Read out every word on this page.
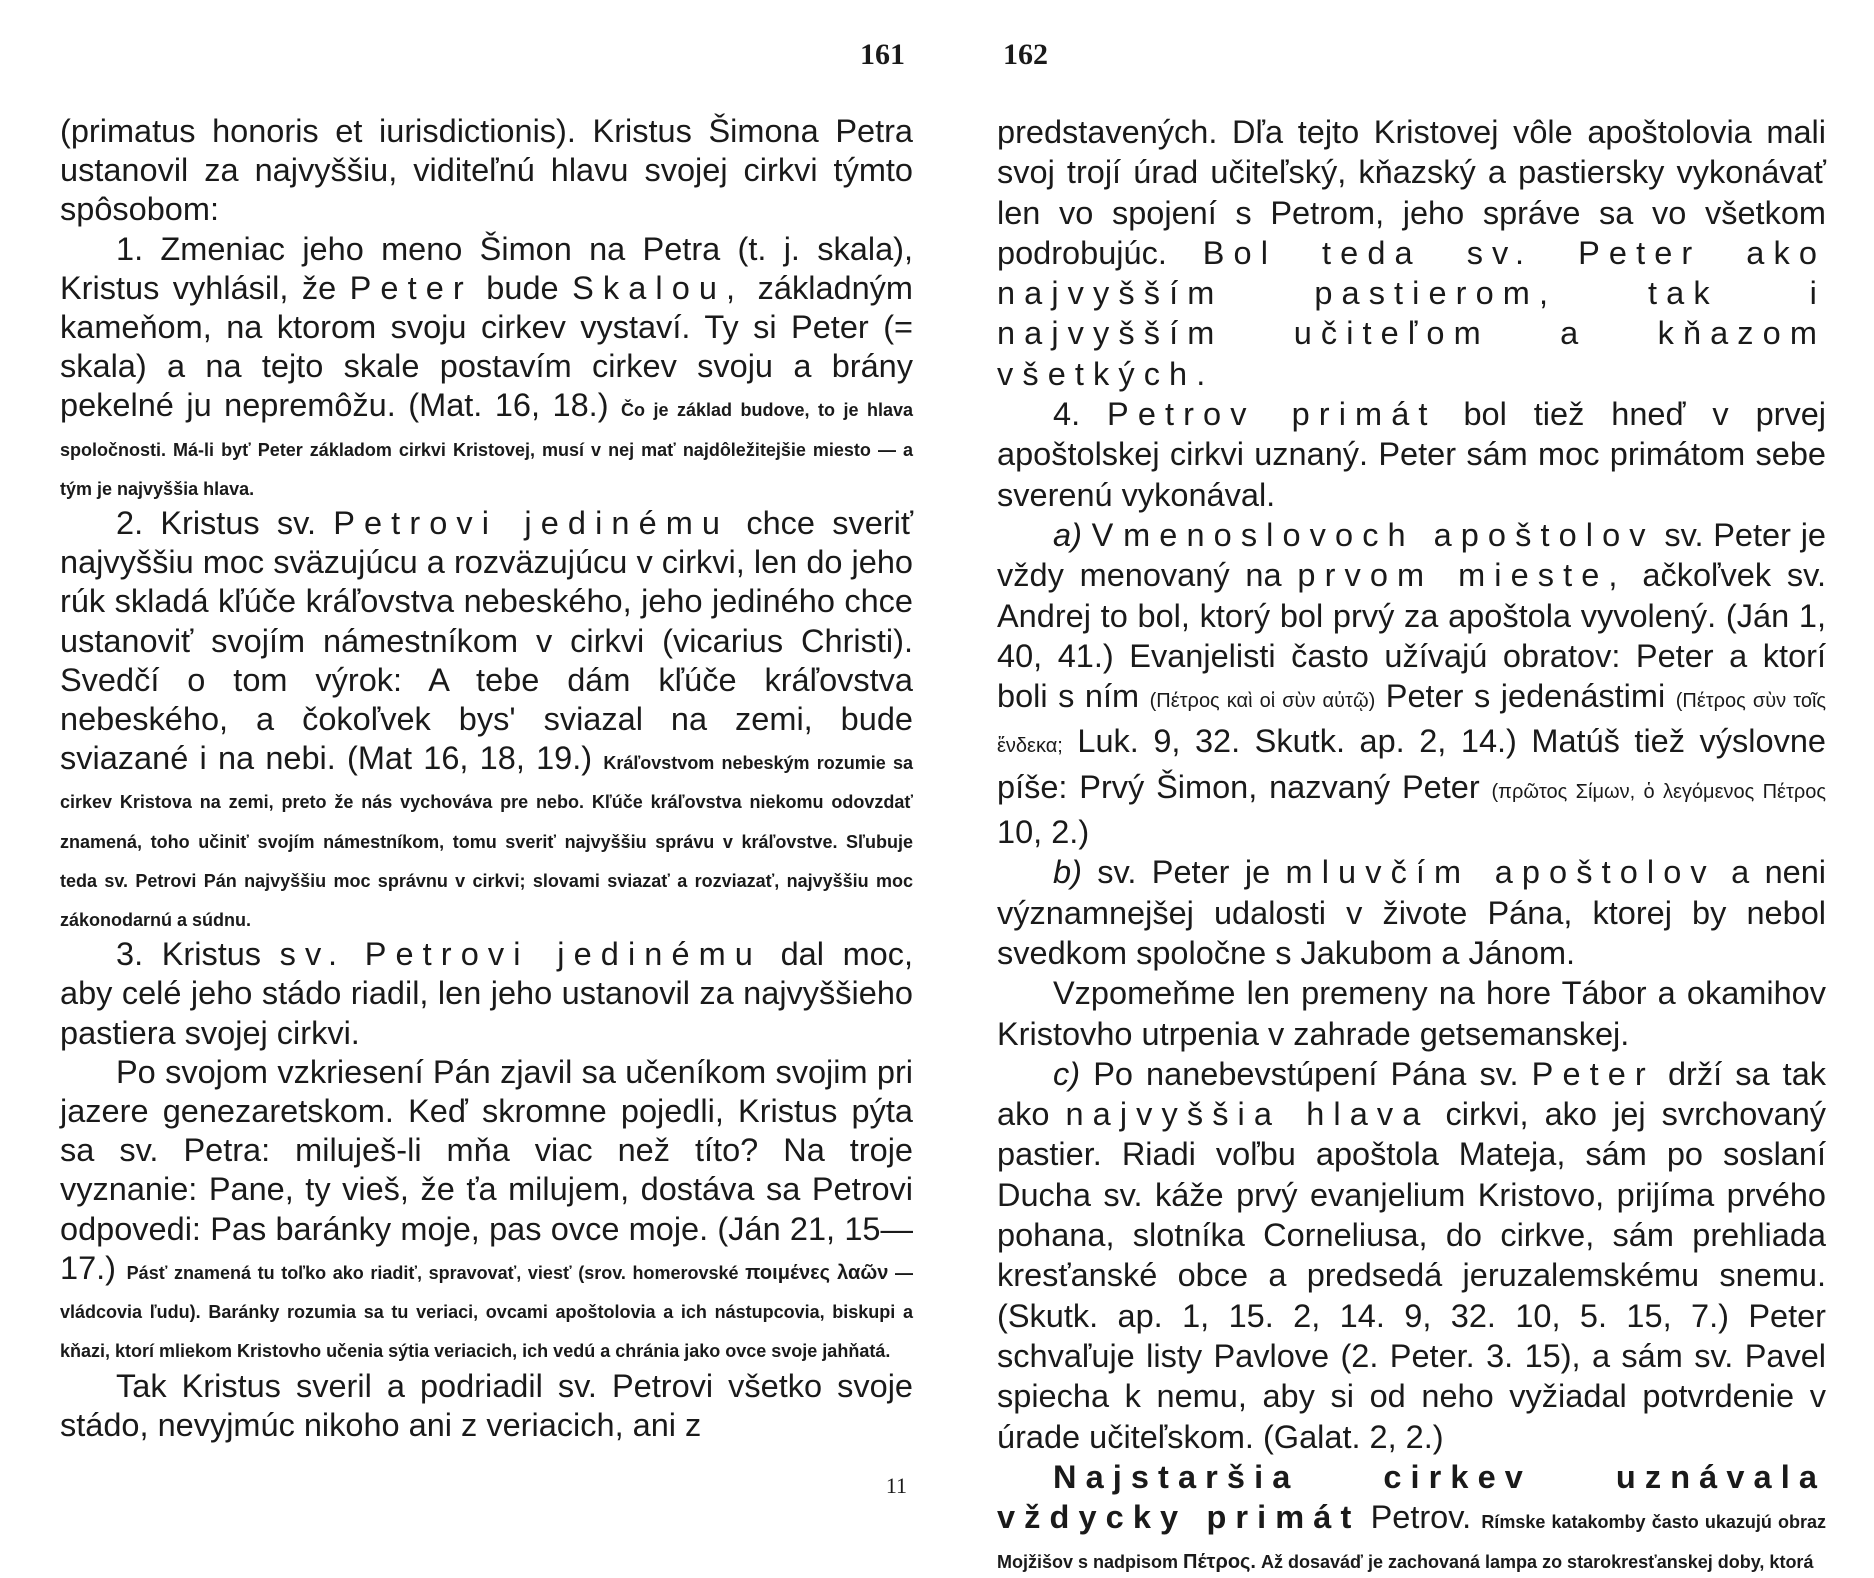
161

(primatus honoris et iurisdictionis). Kristus Šimona Petra ustanovil za najvyššiu, viditeľnú hlavu svojej cirkvi týmto spôsobom:

1. Zmeniac jeho meno Šimon na Petra (t. j. skala), Kristus vyhlásil, že Peter bude Skalou, základným kameňom, na ktorom svoju cirkev vystaví. Ty si Peter (= skala) a na tejto skale postavím cirkev svoju a brány pekelné ju nepremôžu. (Mat. 16, 18.) Čo je základ budove, to je hlava spoločnosti. Má-li byť Peter základom cirkvi Kristovej, musí v nej mať najdôležitejšie miesto — a tým je najvyššia hlava.

2. Kristus sv. Petrovi jedinému chce sveriť najvyššiu moc sväzujúcu a rozväzujúcu v cirkvi, len do jeho rúk skladá kľúče kráľovstva nebeského, jeho jediného chce ustanoviť svojím námestníkom v cirkvi (vicarius Christi). Svedčí o tom výrok: A tebe dám kľúče kráľovstva nebeského, a čokoľvek bys' sviazal na zemi, bude sviazané i na nebi. (Mat 16, 18, 19.) Kráľovstvom nebeským rozumie sa cirkev Kristova na zemi, preto že nás vychováva pre nebo. Kľúče kráľovstva niekomu odovzdať znamená, toho učiniť svojím námestníkom, tomu sveriť najvyššiu správu v kráľovstve. Sľubuje teda sv. Petrovi Pán najvyššiu moc správnu v cirkvi; slovami sviazať a rozviazať, najvyššiu moc zákonodarnú a súdnu.

3. Kristus sv. Petrovi jedinému dal moc, aby celé jeho stádo riadil, len jeho ustanovil za najvyššieho pastiera svojej cirkvi.

Po svojom vzkriesení Pán zjavil sa učeníkom svojim pri jazere genezaretskom. Keď skromne pojedli, Kristus pýta sa sv. Petra: miluješ-li mňa viac než títo? Na troje vyznanie: Pane, ty vieš, že ťa milujem, dostáva sa Petrovi odpovedi: Pas baránky moje, pas ovce moje. (Ján 21, 15—17.) Pásť znamená tu toľko ako riadiť, spravovať, viesť (srov. homerovské ποιμένες λαῶν — vládcovia ľudu). Baránky rozumia sa tu veriaci, ovcami apoštolovia a ich nástupcovia, biskupi a kňazi, ktorí mliekom Kristovho učenia sýtia veriacich, ich vedú a chránia jako ovce svoje jahňatá.

Tak Kristus sveril a podriadil sv. Petrovi všetko svoje stádo, nevyjmúc nikoho ani z veriacich, ani z

11
162

predstavených. Dľa tejto Kristovej vôle apoštolovia mali svoj trojí úrad učiteľský, kňazský a pastiersky vykonávať len vo spojení s Petrom, jeho správe sa vo všetkom podrobujúc. Bol teda sv. Peter ako najvyšším pastierom, tak i najvyšším učiteľom a kňazom všetkých.

4. Petrov primát bol tiež hneď v prvej apoštolskej cirkvi uznaný. Peter sám moc primátom sebe sverenú vykonával.

a) V menoslovoch apoštolov sv. Peter je vždy menovaný na prvom mieste, ačkoľvek sv. Andrej to bol, ktorý bol prvý za apoštola vyvolený. (Ján 1, 40, 41.) Evanjelisti často užívajú obratov: Peter a ktorí boli s ním (Πέτρος καὶ οἱ σὺν αὐτῷ) Peter s jedenástimi (Πέτρος σὺν τοῖς ἕνδεκα; Luk. 9, 32. Skutk. ap. 2, 14.) Matúš tiež výslovne píše: Prvý Šimon, nazvaný Peter (πρῶτος Σίμων, ὁ λεγόμενος Πέτρος 10, 2.)

b) sv. Peter je mluvčím apoštolov a neni významnejšej udalosti v živote Pána, ktorej by nebol svedkom spoločne s Jakubom a Jánom.

Vzpomeňme len premeny na hore Tábor a okamihov Kristovho utrpenia v zahrade getsemanskej.

c) Po nanebevstúpení Pána sv. Peter drží sa tak ako najvyššia hlava cirkvi, ako jej svrchovaný pastier. Riadi voľbu apoštola Mateja, sám po soslaní Ducha sv. káže prvý evanjelium Kristovo, prijíma prvého pohana, slotníka Corneliusa, do cirkve, sám prehliada kresťanské obce a predsedá jeruzalemskému snemu. (Skutk. ap. 1, 15. 2, 14. 9, 32. 10, 5. 15, 7.) Peter schvaľuje listy Pavlove (2. Peter. 3. 15), a sám sv. Pavel spiecha k nemu, aby si od neho vyžiadal potvrdenie v úrade učiteľskom. (Galat. 2, 2.)

Najstaršia cirkev uznávala vždycky primát Petrov. Rímske katakomby často ukazujú obraz Mojžišov s nadpisom Πέτρος. Až dosaváď je zachovaná lampa zo starokresťanskej doby, ktorá
